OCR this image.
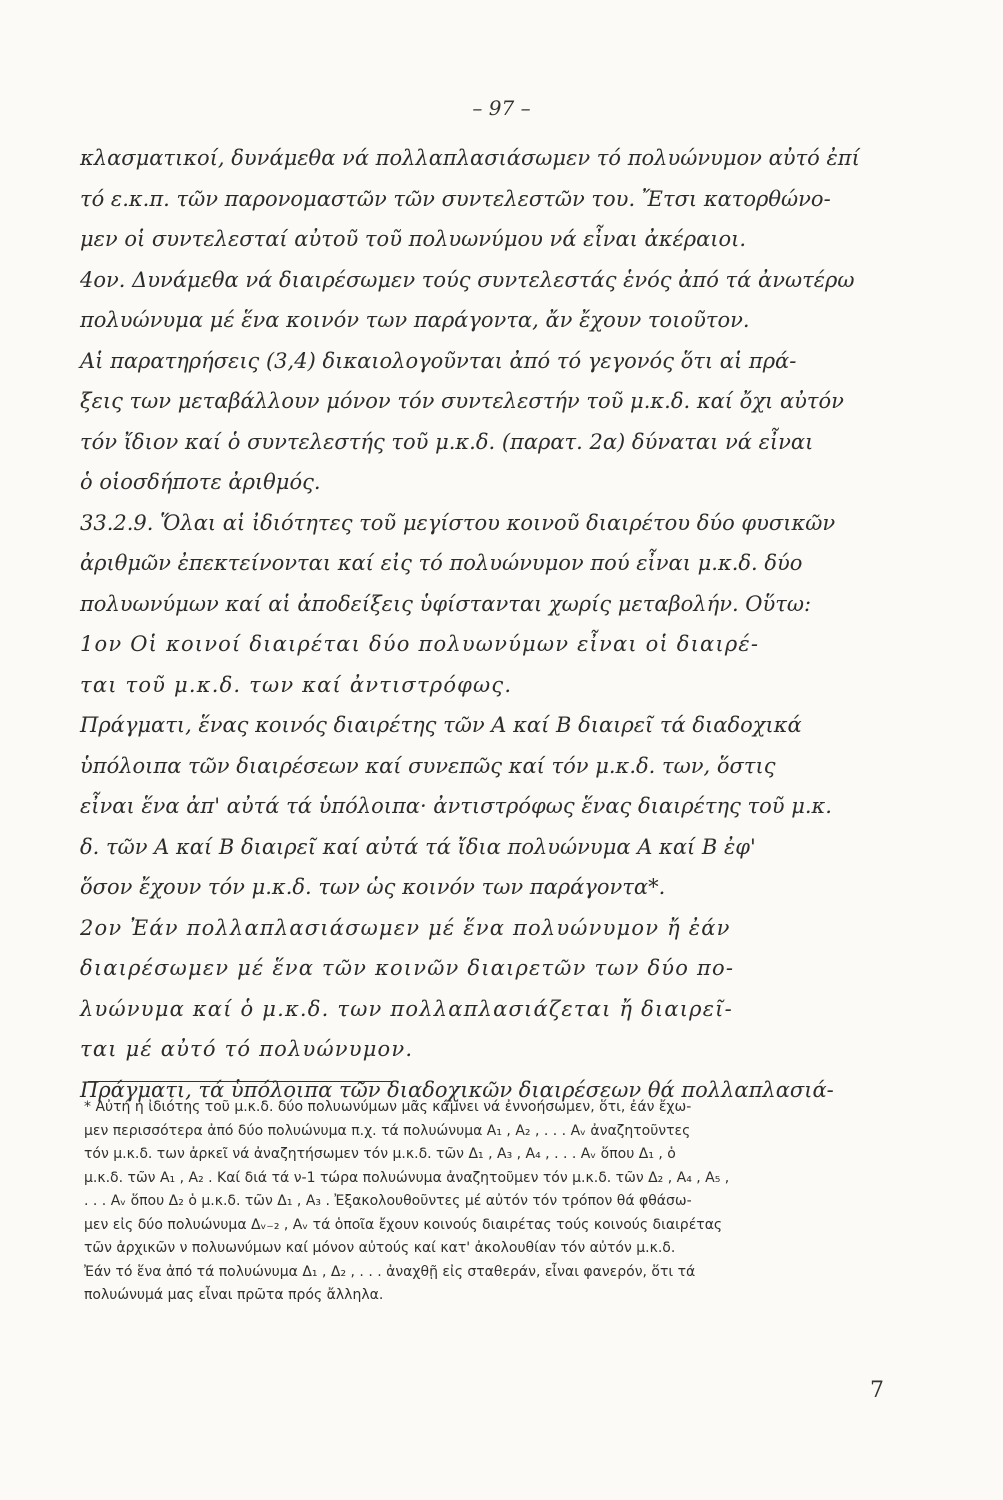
– 97 –
κλασματικοί, δυνάμεθα νά πολλαπλασιάσωμεν τό πολυώνυμον αὐτό ἐπί
τό ε.κ.π. τῶν παρονομαστῶν τῶν συντελεστῶν του. Ἔτσι κατορθώνο-
μεν οἱ συντελεσταί αὐτοῦ τοῦ πολυωνύμου νά εἶναι ἀκέραιοι.
4ον. Δυνάμεθα νά διαιρέσωμεν τούς συντελεστάς ἑνός ἀπό τά ἀνωτέρω
πολυώνυμα μέ ἕνα κοινόν των παράγοντα, ἄν ἔχουν τοιοῦτον.
Αἱ παρατηρήσεις (3,4) δικαιολογοῦνται ἀπό τό γεγονός ὅτι αἱ πρά-
ξεις των μεταβάλλουν μόνον τόν συντελεστήν τοῦ μ.κ.δ. καί ὄχι αὐτόν
τόν ἴδιον καί ὁ συντελεστής τοῦ μ.κ.δ. (παρατ. 2α) δύναται νά εἶναι
ὁ οἱοσδήποτε ἀριθμός.
33.2.9. Ὅλαι αἱ ἰδιότητες τοῦ μεγίστου κοινοῦ διαιρέτου δύο φυσικῶν
ἀριθμῶν ἐπεκτείνονται καί εἰς τό πολυώνυμον πού εἶναι μ.κ.δ. δύο
πολυωνύμων καί αἱ ἀποδείξεις ὑφίστανται χωρίς μεταβολήν. Οὕτω:
1ον Οἱ κοινοί διαιρέται δύο πολυωνύμων εἶναι οἱ διαιρέ-
ται τοῦ μ.κ.δ. των καί ἀντιστρόφως.
Πράγματι, ἕνας κοινός διαιρέτης τῶν Α καί Β διαιρεῖ τά διαδοχικά
ὑπόλοιπα τῶν διαιρέσεων καί συνεπῶς καί τόν μ.κ.δ. των, ὅστις
εἶναι ἕνα ἀπ' αὐτά τά ὑπόλοιπα· ἀντιστρόφως ἕνας διαιρέτης τοῦ μ.κ.
δ. τῶν Α καί Β διαιρεῖ καί αὐτά τά ἴδια πολυώνυμα Α καί Β ἐφ'
ὅσον ἔχουν τόν μ.κ.δ. των ὡς κοινόν των παράγοντα*.
2ον Ἐάν πολλαπλασιάσωμεν μέ ἕνα πολυώνυμον ἤ ἐάν
διαιρέσωμεν μέ ἕνα τῶν κοινῶν διαιρετῶν των δύο πο-
λυώνυμα καί ὁ μ.κ.δ. των πολλαπλασιάζεται ἤ διαιρεῖ-
ται μέ αὐτό τό πολυώνυμον.
Πράγματι, τά ὑπόλοιπα τῶν διαδοχικῶν διαιρέσεων θά πολλαπλασιά-
* Αὐτή ἡ ἰδιότης τοῦ μ.κ.δ. δύο πολυωνύμων μᾶς κάμνει νά ἐννοήσωμεν, ὅτι, ἐάν ἔχω-
μεν περισσότερα ἀπό δύο πολυώνυμα π.χ. τά πολυώνυμα Α₁ , Α₂ , . . . Αᵥ ἀναζητοῦντες
τόν μ.κ.δ. των ἀρκεῖ νά ἀναζητήσωμεν τόν μ.κ.δ. τῶν Δ₁ , Α₃ , Α₄ , . . . Αᵥ ὅπου Δ₁ , ὁ
μ.κ.δ. τῶν Α₁ , Α₂ . Καί διά τά ν-1 τώρα πολυώνυμα ἀναζητοῦμεν τόν μ.κ.δ. τῶν Δ₂ , Α₄ , Α₅ ,
. . . Αᵥ ὅπου Δ₂ ὁ μ.κ.δ. τῶν Δ₁ , Α₃ . Ἐξακολουθοῦντες μέ αὐτόν τόν τρόπον θά φθάσω-
μεν εἰς δύο πολυώνυμα Δᵥ₋₂ , Αᵥ τά ὁποῖα ἔχουν κοινούς διαιρέτας τούς κοινούς διαιρέτας
τῶν ἀρχικῶν ν πολυωνύμων καί μόνον αὐτούς καί κατ' ἀκολουθίαν τόν αὐτόν μ.κ.δ.
Ἐάν τό ἕνα ἀπό τά πολυώνυμα Δ₁ , Δ₂ , . . . ἀναχθῇ εἰς σταθεράν, εἶναι φανερόν, ὅτι τά
πολυώνυμά μας εἶναι πρῶτα πρός ἄλληλα.
7
